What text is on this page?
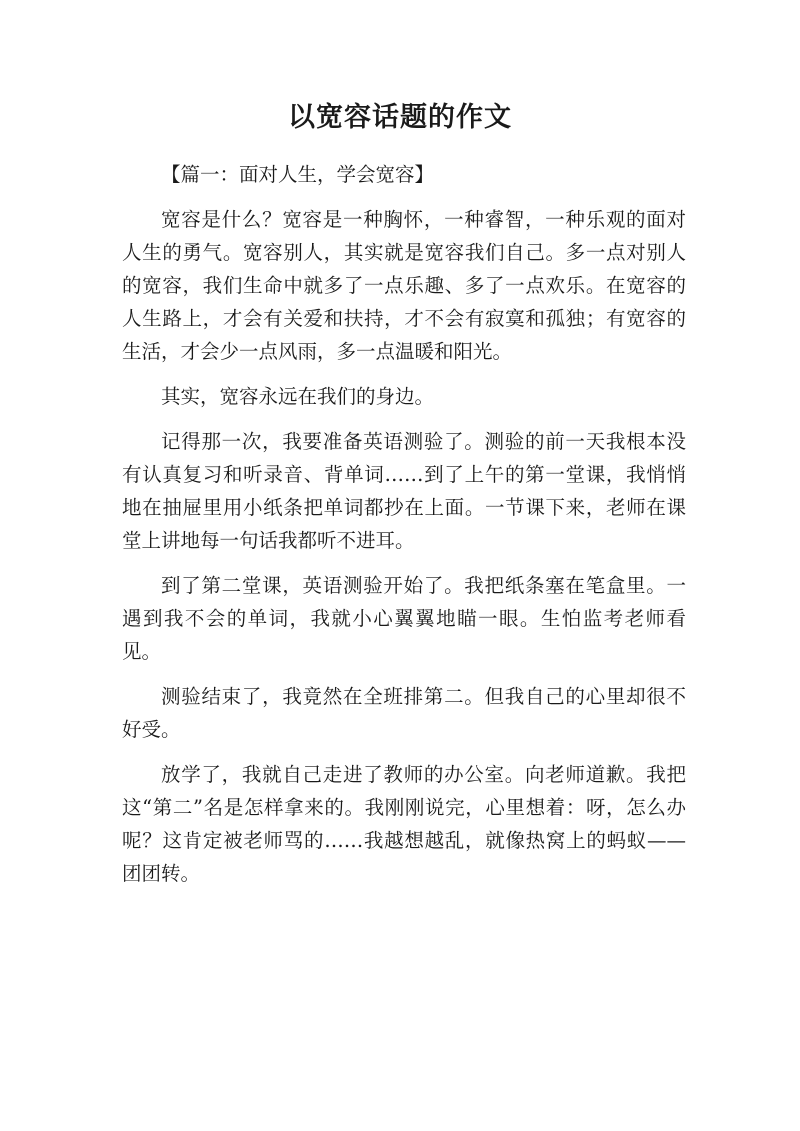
以宽容话题的作文

【篇一：面对人生，学会宽容】

宽容是什么？宽容是一种胸怀，一种睿智，一种乐观的面对人生的勇气。宽容别人，其实就是宽容我们自己。多一点对别人的宽容，我们生命中就多了一点乐趣、多了一点欢乐。在宽容的人生路上，才会有关爱和扶持，才不会有寂寞和孤独；有宽容的生活，才会少一点风雨，多一点温暖和阳光。

其实，宽容永远在我们的身边。

记得那一次，我要准备英语测验了。测验的前一天我根本没有认真复习和听录音、背单词……到了上午的第一堂课，我悄悄地在抽屉里用小纸条把单词都抄在上面。一节课下来，老师在课堂上讲地每一句话我都听不进耳。

到了第二堂课，英语测验开始了。我把纸条塞在笔盒里。一遇到我不会的单词，我就小心翼翼地瞄一眼。生怕监考老师看见。

测验结束了，我竟然在全班排第二。但我自己的心里却很不好受。

放学了，我就自己走进了教师的办公室。向老师道歉。我把这“第二”名是怎样拿来的。我刚刚说完，心里想着：呀，怎么办呢？这肯定被老师骂的……我越想越乱，就像热窝上的蚂蚁——团团转。
